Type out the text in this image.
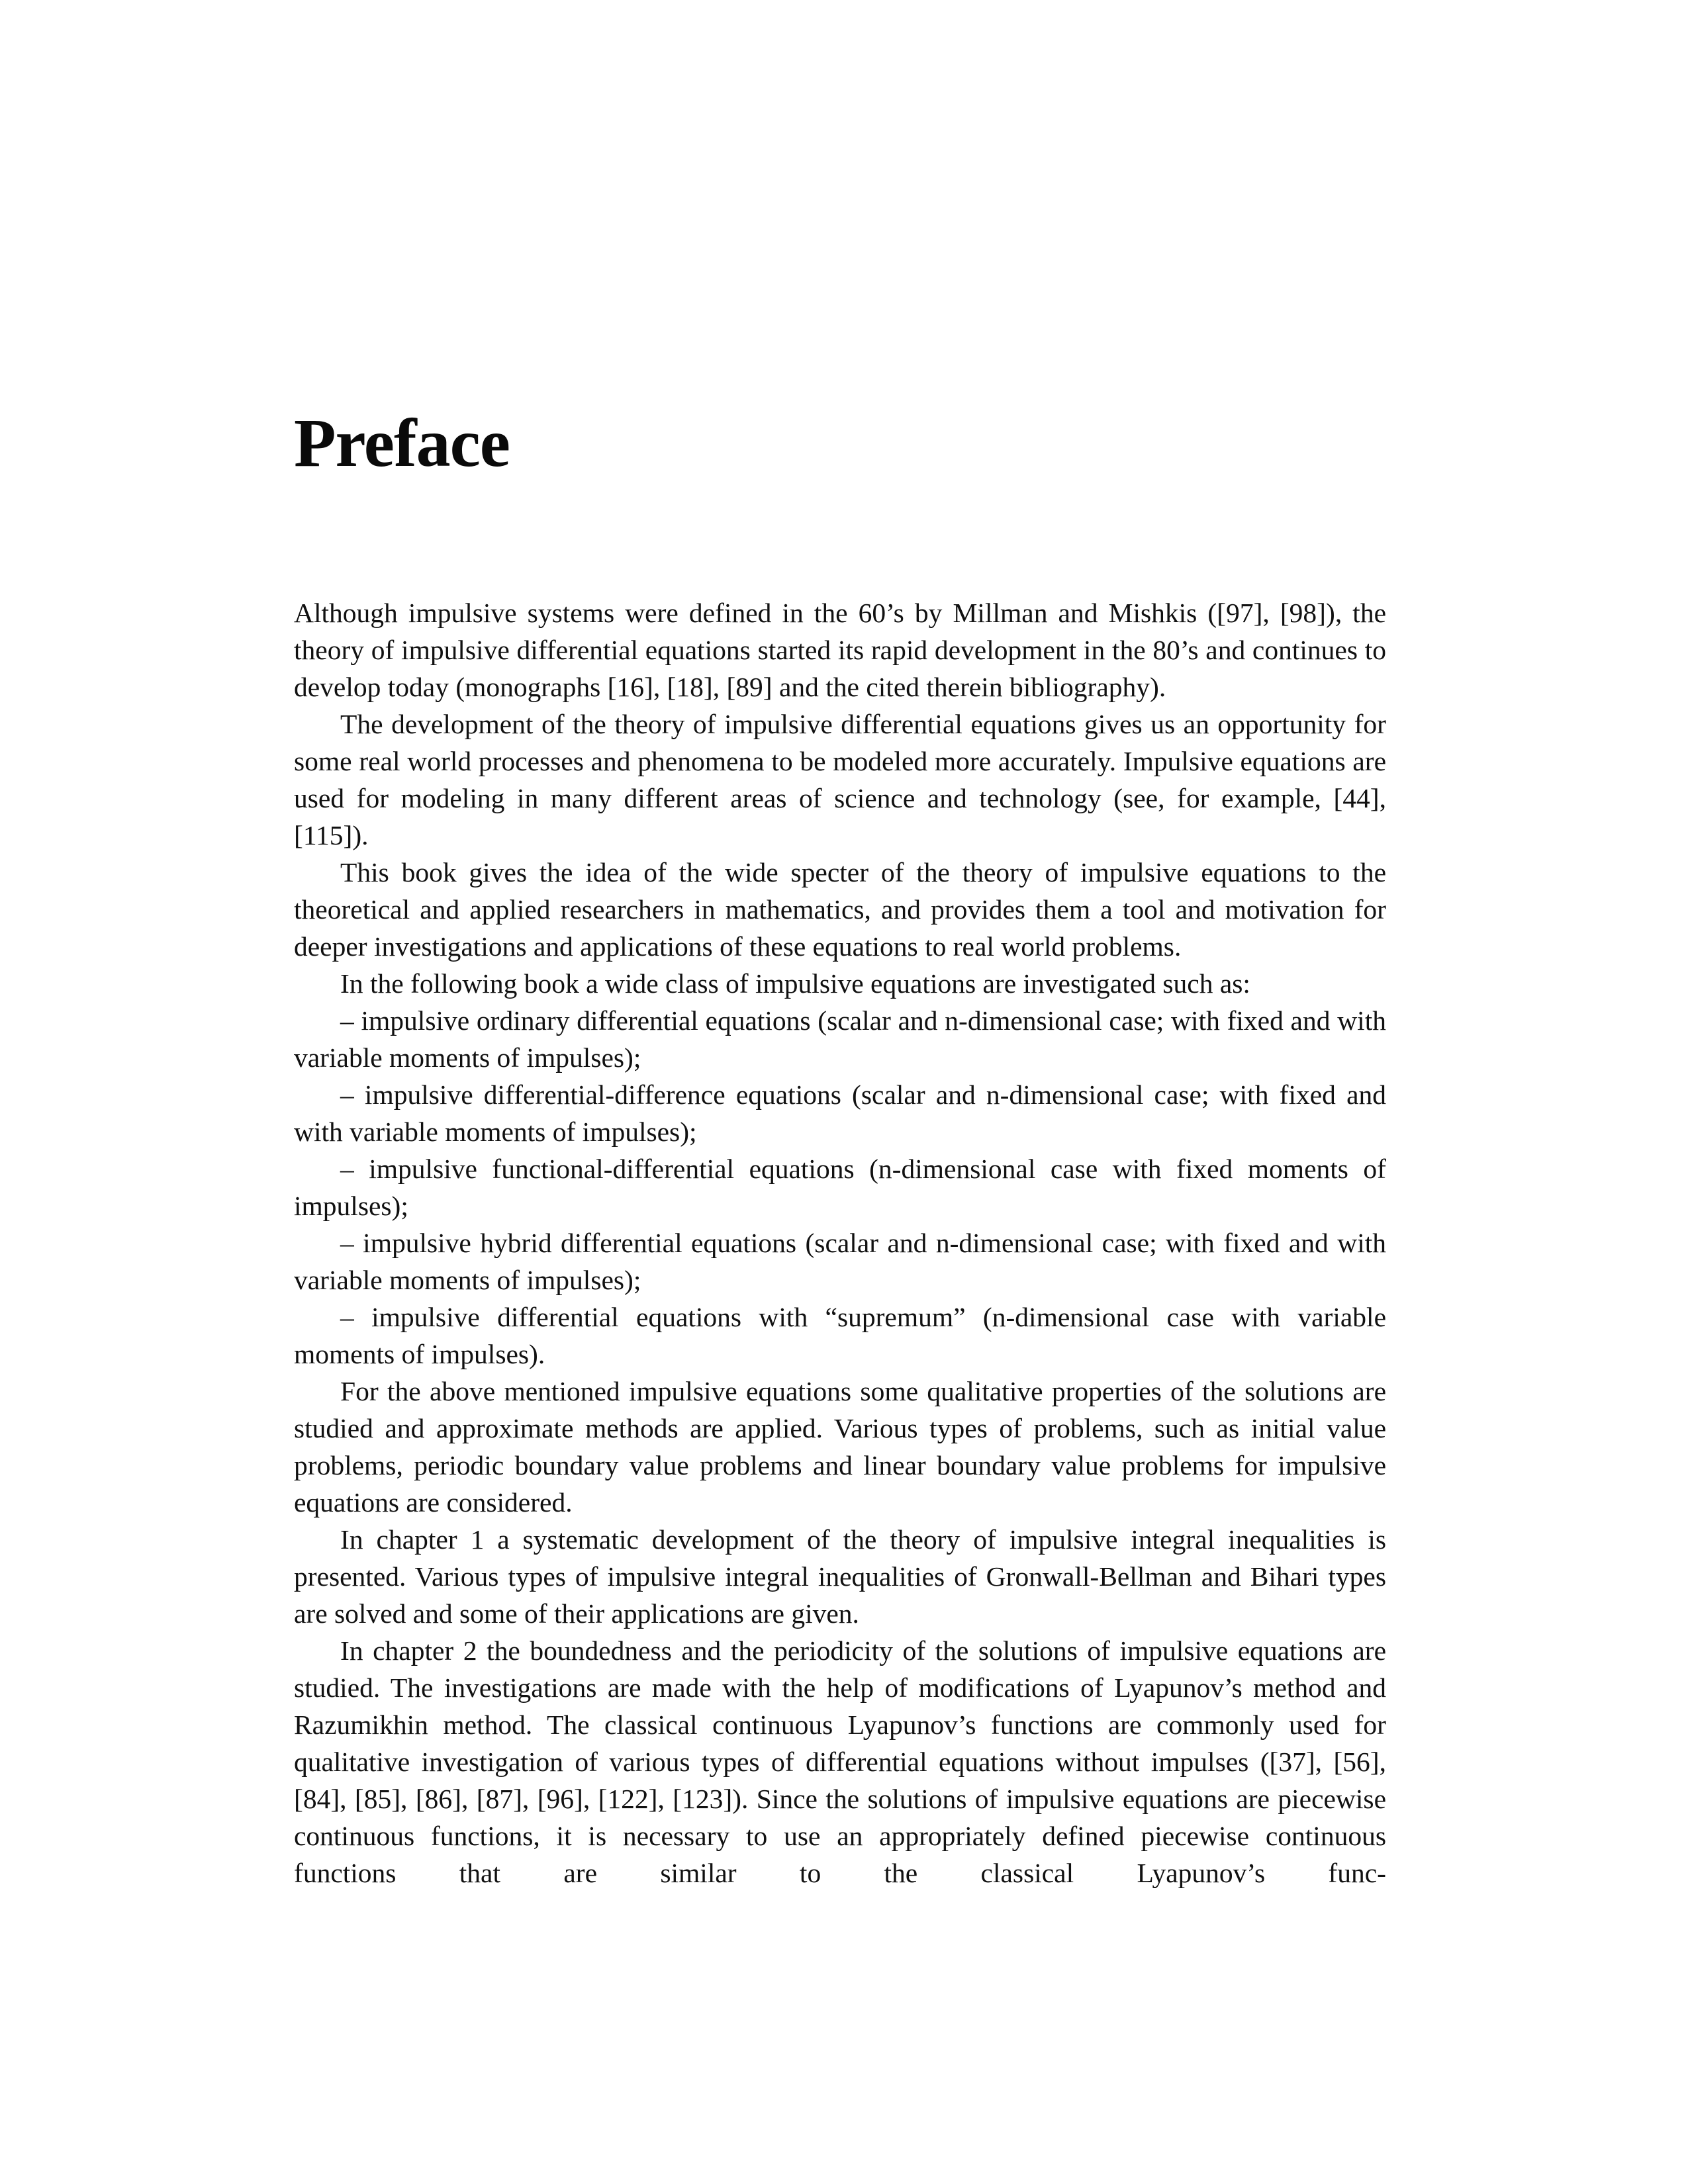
Preface

Although impulsive systems were defined in the 60’s by Millman and Mishkis ([97], [98]), the theory of impulsive differential equations started its rapid development in the 80’s and continues to develop today (monographs [16], [18], [89] and the cited therein bibliography).

The development of the theory of impulsive differential equations gives us an opportunity for some real world processes and phenomena to be modeled more accurately. Impulsive equations are used for modeling in many different areas of science and technology (see, for example, [44], [115]).

This book gives the idea of the wide specter of the theory of impulsive equations to the theoretical and applied researchers in mathematics, and provides them a tool and motivation for deeper investigations and applications of these equations to real world problems.

In the following book a wide class of impulsive equations are investigated such as:

– impulsive ordinary differential equations (scalar and n-dimensional case; with fixed and with variable moments of impulses);

– impulsive differential-difference equations (scalar and n-dimensional case; with fixed and with variable moments of impulses);

– impulsive functional-differential equations (n-dimensional case with fixed moments of impulses);

– impulsive hybrid differential equations (scalar and n-dimensional case; with fixed and with variable moments of impulses);

– impulsive differential equations with “supremum” (n-dimensional case with variable moments of impulses).

For the above mentioned impulsive equations some qualitative properties of the solutions are studied and approximate methods are applied. Various types of problems, such as initial value problems, periodic boundary value problems and linear boundary value problems for impulsive equations are considered.

In chapter 1 a systematic development of the theory of impulsive integral inequalities is presented. Various types of impulsive integral inequalities of Gronwall-Bellman and Bihari types are solved and some of their applications are given.

In chapter 2 the boundedness and the periodicity of the solutions of impulsive equations are studied. The investigations are made with the help of modifications of Lyapunov’s method and Razumikhin method. The classical continuous Lyapunov’s functions are commonly used for qualitative investigation of various types of differential equations without impulses ([37], [56], [84], [85], [86], [87], [96], [122], [123]). Since the solutions of impulsive equations are piecewise continuous functions, it is necessary to use an appropriately defined piecewise continuous functions that are similar to the classical Lyapunov’s func-
